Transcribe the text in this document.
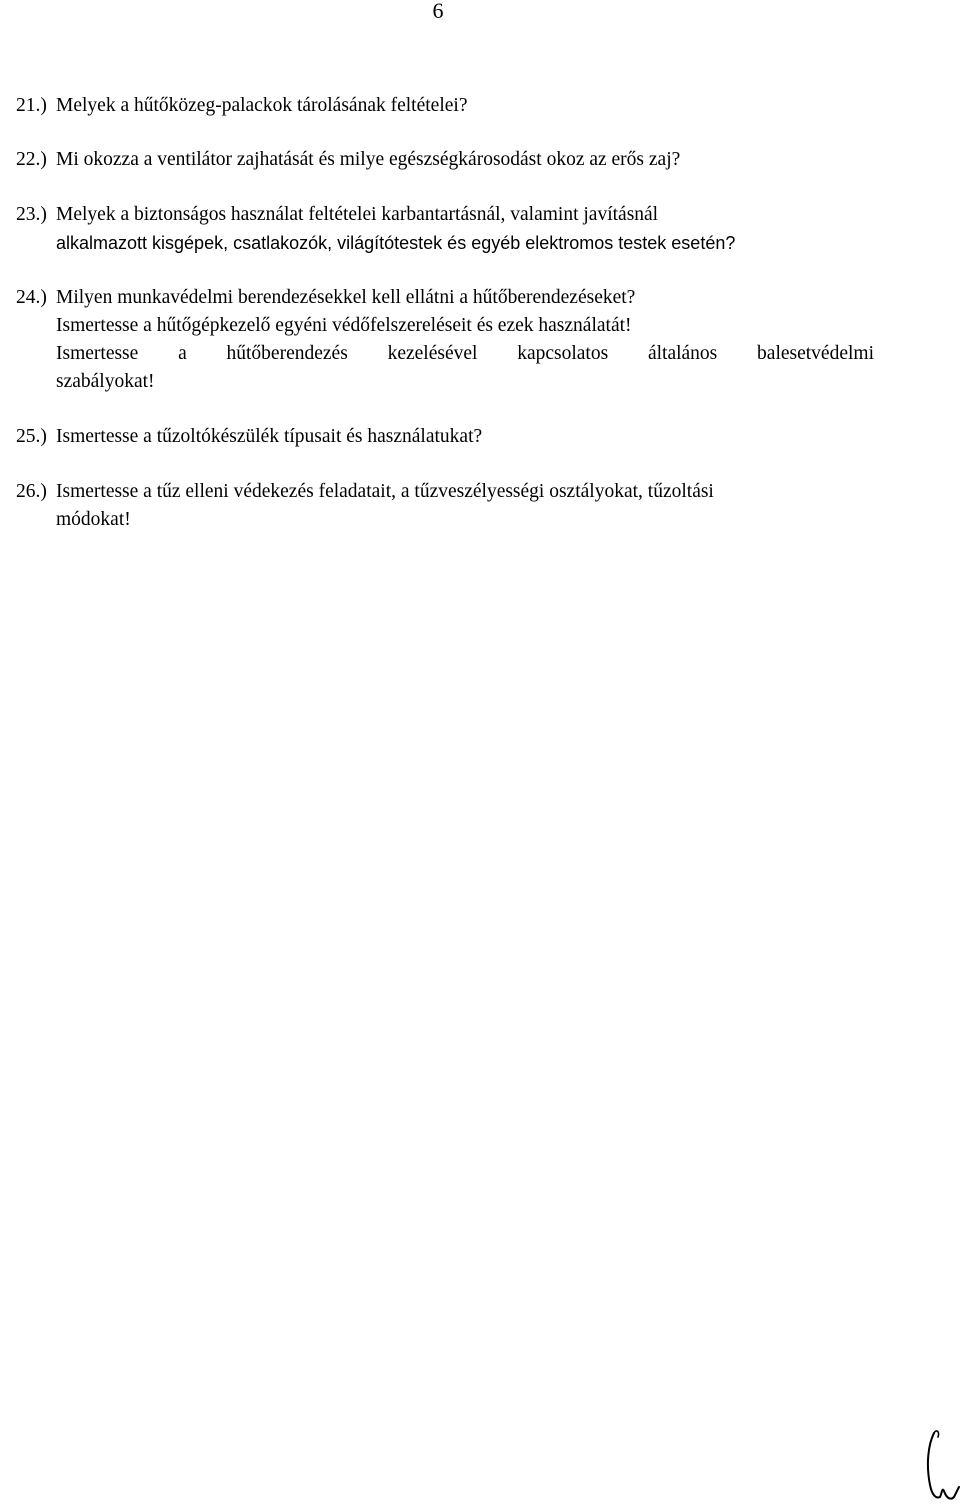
6
21.) Melyek a hűtőközeg-palackok tárolásának feltételei?
22.) Mi okozza a ventilátor zajhatását és milye egészségkárosodást okoz az erős zaj?
23.) Melyek a biztonságos használat feltételei karbantartásnál, valamint javításnál
alkalmazott kisgépek, csatlakozók, világítótestek és egyéb elektromos testek esetén?
24.) Milyen munkavédelmi berendezésekkel kell ellátni a hűtőberendezéseket?
Ismertesse a hűtőgépkezelő egyéni védőfelszereléseit és ezek használatát!
Ismertesse a hűtőberendezés kezelésével kapcsolatos általános balesetvédelmi
szabályokat!
25.) Ismertesse a tűzoltókészülék típusait és használatukat?
26.) Ismertesse a tűz elleni védekezés feladatait, a tűzveszélyességi osztályokat, tűzoltási
módokat!
